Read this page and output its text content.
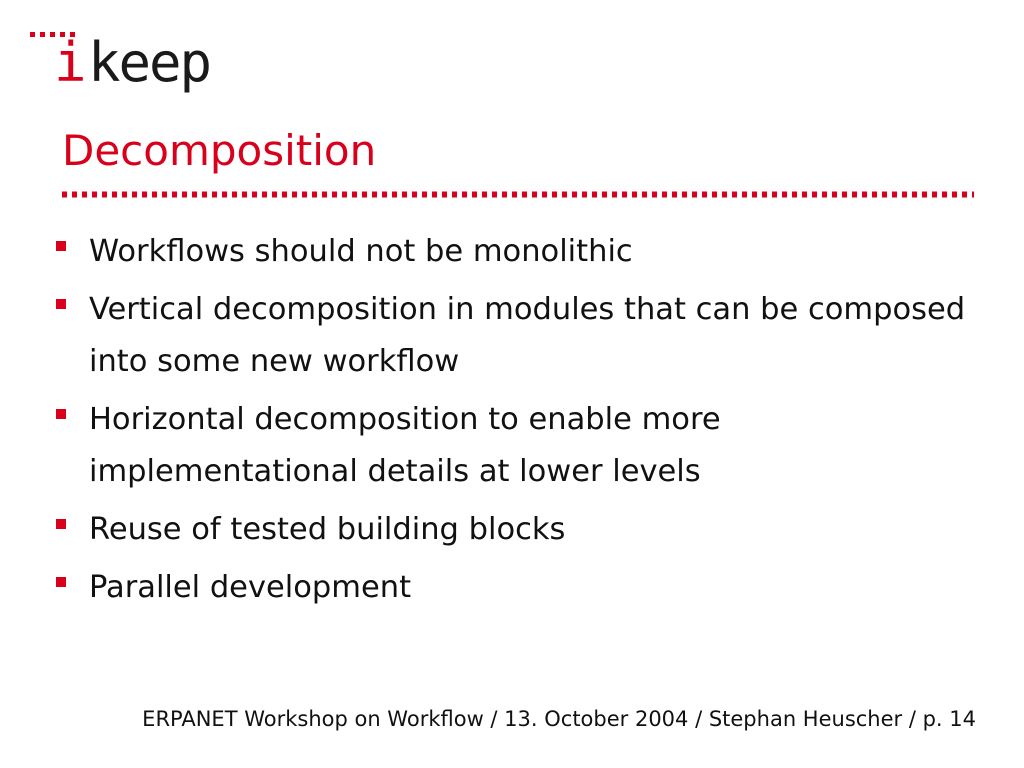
i keep
Decomposition
Workflows should not be monolithic
Vertical decomposition in modules that can be composed into some new workflow
Horizontal decomposition to enable more implementational details at lower levels
Reuse of tested building blocks
Parallel development
ERPANET Workshop on Workflow / 13. October 2004 / Stephan Heuscher / p. 14
